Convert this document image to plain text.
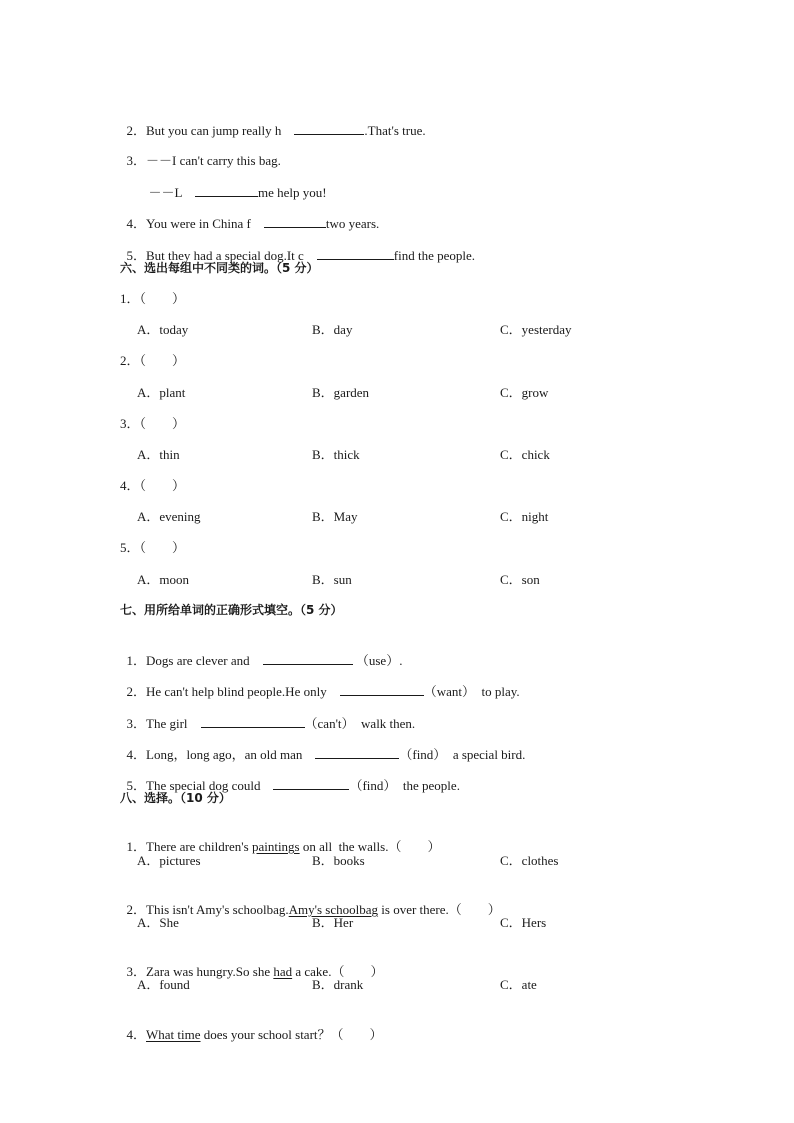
2．But you can jump really h	.That's true.

3．－－I can't carry this bag.

－－L	me help you!

4．You were in China f	two years.

5．But they had a special dog.It c	find the people.

六、选出每组中不同类的词。（5 分）
1．（　　）
A．today	B．day	C．yesterday
2．（　　）
A．plant	B．garden	C．grow
3．（　　）
A．thin	B．thick	C．chick
4．（　　）
A．evening	B．May	C．night
5．（　　）
A．moon	B．sun	C．son
七、用所给单词的正确形式填空。（5 分）

1．Dogs are clever and	（use）.

2．He can't help blind people.He only	（want） to play.

3．The girl	（can't） walk then.

4．Long，long ago，an old man	（find） a special bird.

5．The special dog could	（find） the people.

八、选择。（10 分）

1．There are children's paintings on all  the walls.（　　）

A．pictures	B．books	C．clothes

2．This isn't Amy's schoolbag.Amy's schoolbag is over there.（　　）

A．She	B．Her	C．Hers

3．Zara was hungry.So she had a cake.（　　）

A．found	B．drank	C．ate

4．What time does your school start？（　　）
